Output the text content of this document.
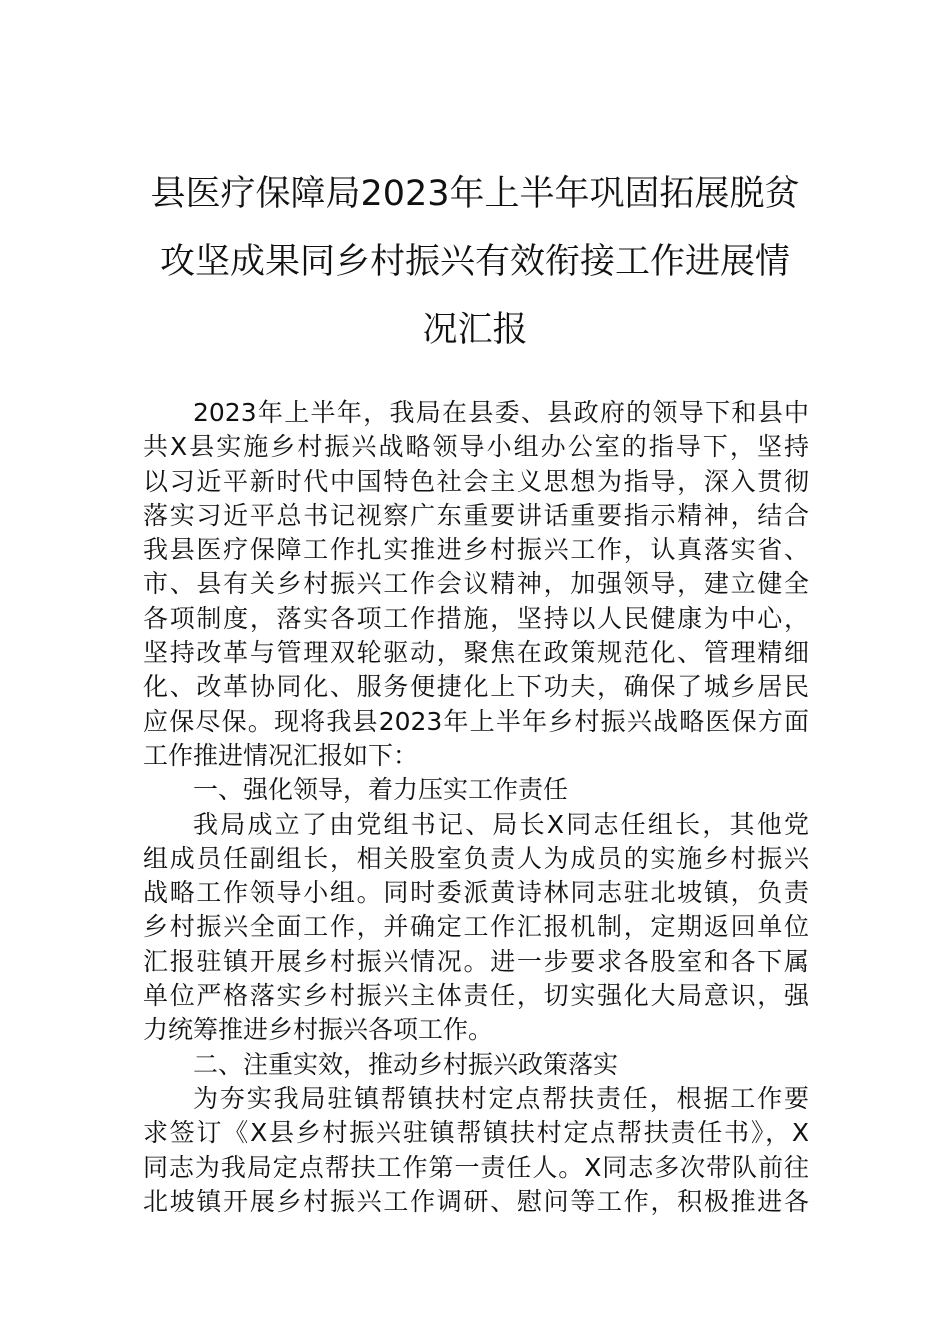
县医疗保障局2023年上半年巩固拓展脱贫
攻坚成果同乡村振兴有效衔接工作进展情
况汇报
2023年上半年，我局在县委、县政府的领导下和县中
共X县实施乡村振兴战略领导小组办公室的指导下，坚持
以习近平新时代中国特色社会主义思想为指导，深入贯彻
落实习近平总书记视察广东重要讲话重要指示精神，结合
我县医疗保障工作扎实推进乡村振兴工作，认真落实省、
市、县有关乡村振兴工作会议精神，加强领导，建立健全
各项制度，落实各项工作措施，坚持以人民健康为中心，
坚持改革与管理双轮驱动，聚焦在政策规范化、管理精细
化、改革协同化、服务便捷化上下功夫，确保了城乡居民
应保尽保。现将我县2023年上半年乡村振兴战略医保方面
工作推进情况汇报如下：
一、强化领导，着力压实工作责任
我局成立了由党组书记、局长X同志任组长，其他党
组成员任副组长，相关股室负责人为成员的实施乡村振兴
战略工作领导小组。同时委派黄诗林同志驻北坡镇，负责
乡村振兴全面工作，并确定工作汇报机制，定期返回单位
汇报驻镇开展乡村振兴情况。进一步要求各股室和各下属
单位严格落实乡村振兴主体责任，切实强化大局意识，强
力统筹推进乡村振兴各项工作。
二、注重实效，推动乡村振兴政策落实
为夯实我局驻镇帮镇扶村定点帮扶责任，根据工作要
求签订《X县乡村振兴驻镇帮镇扶村定点帮扶责任书》，X
同志为我局定点帮扶工作第一责任人。X同志多次带队前往
北坡镇开展乡村振兴工作调研、慰问等工作，积极推进各
